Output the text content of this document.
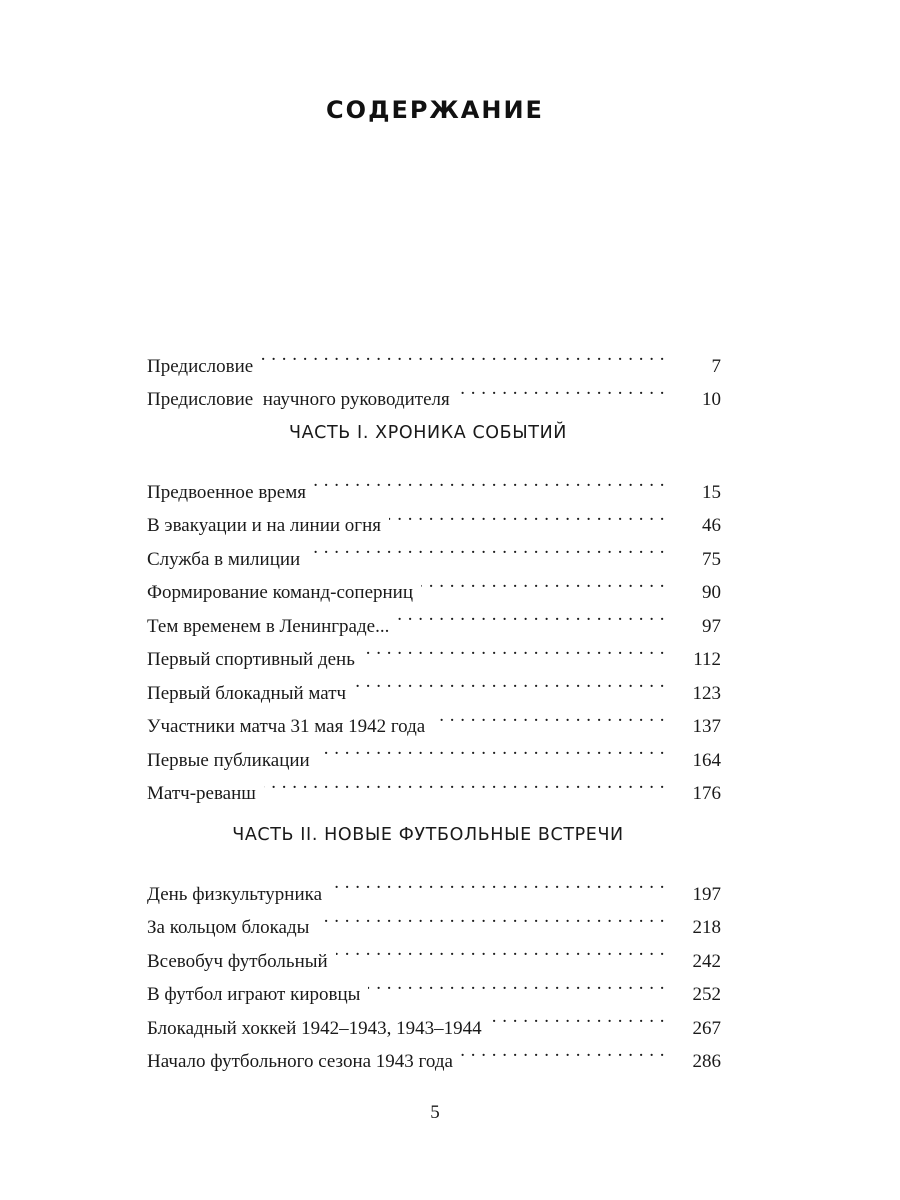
СОДЕРЖАНИЕ
Предисловие . . .	7
Предисловие  научного руководителя . . .	10
ЧАСТЬ I. ХРОНИКА СОБЫТИЙ
Предвоенное время . . .	15
В эвакуации и на линии огня . . .	46
Служба в милиции . . .	75
Формирование команд-соперниц . . .	90
Тем временем в Ленинграде... . . .	97
Первый спортивный день . . .	112
Первый блокадный матч . . .	123
Участники матча 31 мая 1942 года . . .	137
Первые публикации . . .	164
Матч-реванш . . .	176
ЧАСТЬ II. НОВЫЕ ФУТБОЛЬНЫЕ ВСТРЕЧИ
День физкультурника . . .	197
За кольцом блокады . . .	218
Всевобуч футбольный . . .	242
В футбол играют кировцы . . .	252
Блокадный хоккей 1942–1943, 1943–1944 . . .	267
Начало футбольного сезона 1943 года . . .	286
5
